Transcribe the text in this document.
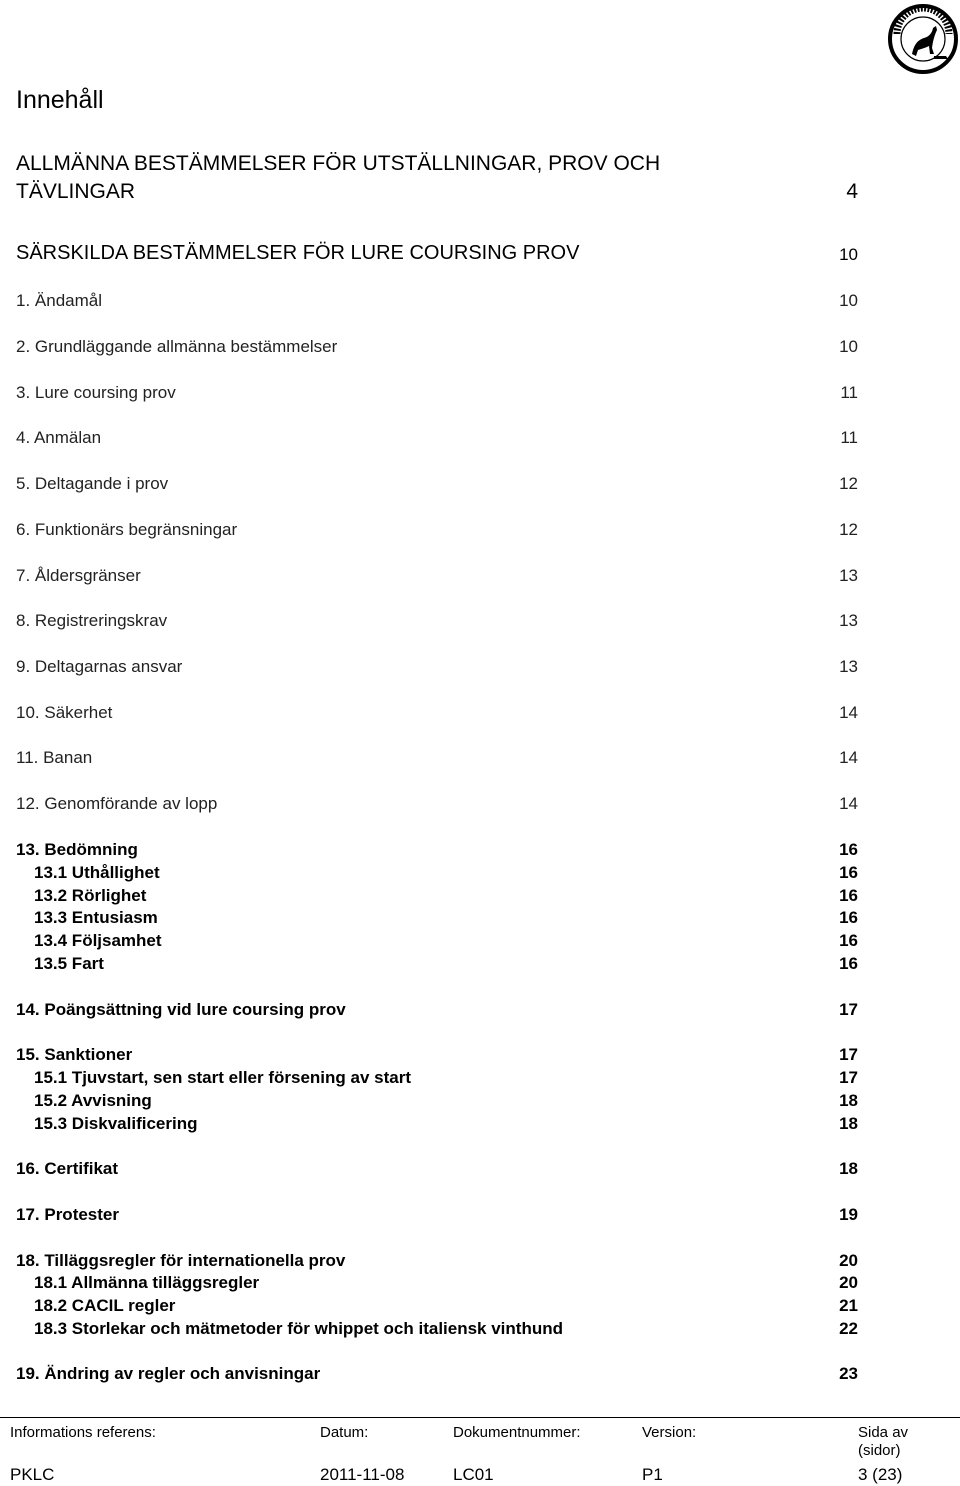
Innehåll
ALLMÄNNA BESTÄMMELSER FÖR UTSTÄLLNINGAR, PROV OCH
TÄVLINGAR	4
SÄRSKILDA BESTÄMMELSER FÖR LURE COURSING PROV	10
1. Ändamål	10
2. Grundläggande allmänna bestämmelser	10
3. Lure coursing prov	11
4. Anmälan	11
5. Deltagande i prov	12
6. Funktionärs begränsningar	12
7. Åldersgränser	13
8. Registreringskrav	13
9. Deltagarnas ansvar	13
10. Säkerhet	14
11. Banan	14
12. Genomförande av lopp	14
13. Bedömning	16
13.1 Uthållighet	16
13.2 Rörlighet	16
13.3 Entusiasm	16
13.4 Följsamhet	16
13.5 Fart	16
14. Poängsättning vid lure coursing prov	17
15. Sanktioner	17
15.1 Tjuvstart, sen start eller försening av start	17
15.2 Avvisning	18
15.3 Diskvalificering	18
16. Certifikat	18
17. Protester	19
18. Tilläggsregler för internationella prov	20
18.1 Allmänna tilläggsregler	20
18.2 CACIL regler	21
18.3 Storlekar och mätmetoder för whippet och italiensk vinthund	22
19. Ändring av regler och anvisningar	23
Informations referens:	Datum:	Dokumentnummer:	Version:	Sida av
(sidor)
PKLC	2011-11-08	LC01	P1	3 (23)
